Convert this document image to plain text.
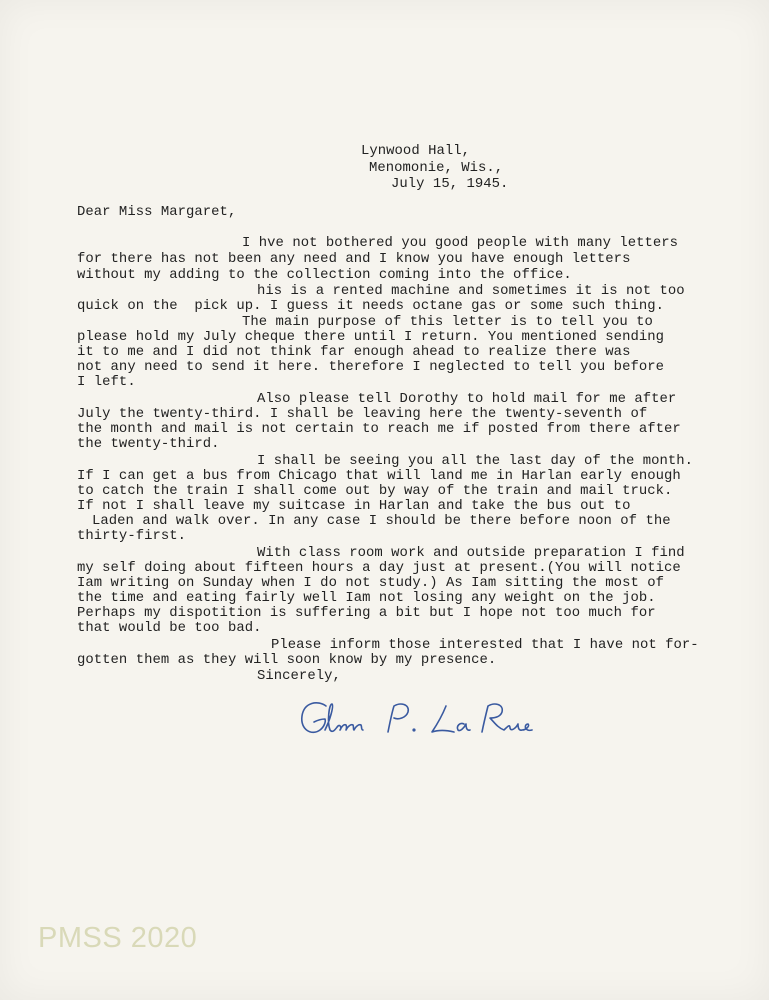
Lynwood Hall,
Menomonie, Wis.,
July 15, 1945.
Dear Miss Margaret,
I hve not bothered you good people with many letters
for there has not been any need and I know you have enough letters
without my adding to the collection coming into the office.
his is a rented machine and sometimes it is not too
quick on the  pick up. I guess it needs octane gas or some such thing.
The main purpose of this letter is to tell you to
please hold my July cheque there until I return. You mentioned sending
it to me and I did not think far enough ahead to realize there was
not any need to send it here. therefore I neglected to tell you before
I left.
Also please tell Dorothy to hold mail for me after
July the twenty-third. I shall be leaving here the twenty-seventh of
the month and mail is not certain to reach me if posted from there after
the twenty-third.
I shall be seeing you all the last day of the month.
If I can get a bus from Chicago that will land me in Harlan early enough
to catch the train I shall come out by way of the train and mail truck.
If not I shall leave my suitcase in Harlan and take the bus out to
Laden and walk over. In any case I should be there before noon of the
thirty-first.
With class room work and outside preparation I find
my self doing about fifteen hours a day just at present.(You will notice
Iam writing on Sunday when I do not study.) As Iam sitting the most of
the time and eating fairly well Iam not losing any weight on the job.
Perhaps my dispotition is suffering a bit but I hope not too much for
that would be too bad.
Please inform those interested that I have not for-
gotten them as they will soon know by my presence.
Sincerely,
PMSS 2020
